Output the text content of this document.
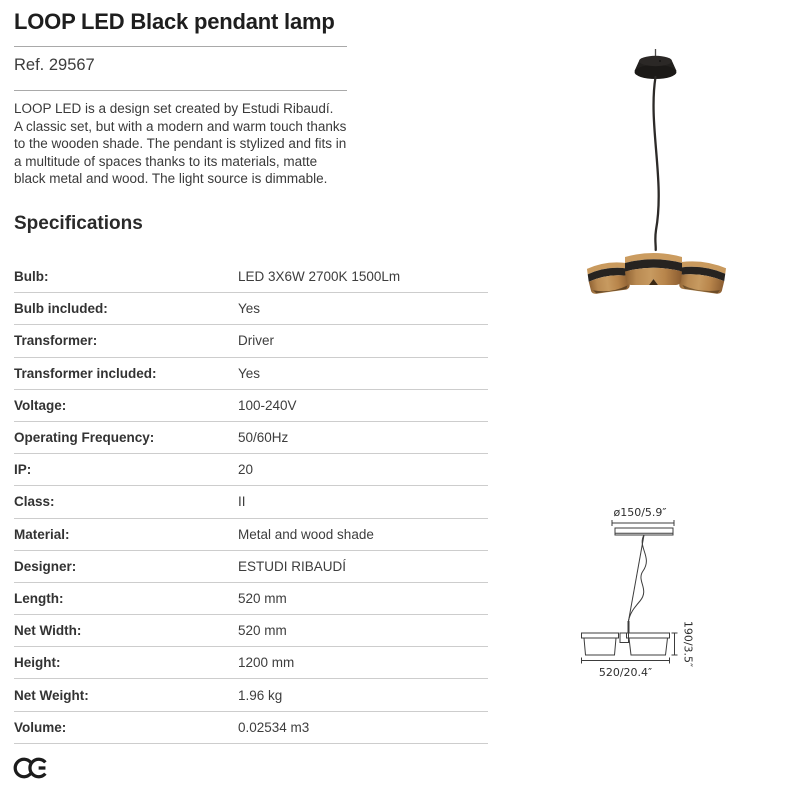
LOOP LED Black pendant lamp
Ref. 29567
LOOP LED is a design set created by Estudi Ribaudí.
A classic set, but with a modern and warm touch thanks
to the wooden shade. The pendant is stylized and fits in
a multitude of spaces thanks to its materials, matte
black metal and wood. The light source is dimmable.
Specifications
Bulb:	LED 3X6W 2700K 1500Lm
Bulb included:	Yes
Transformer:	Driver
Transformer included:	Yes
Voltage:	100-240V
Operating Frequency:	50/60Hz
IP:	20
Class:	II
Material:	Metal and wood shade
Designer:	ESTUDI RIBAUDÍ
Length:	520 mm
Net Width:	520 mm
Height:	1200 mm
Net Weight:	1.96 kg
Volume:	0.02534 m3
ø150/5.9″
520/20.4″
190/3.5″
